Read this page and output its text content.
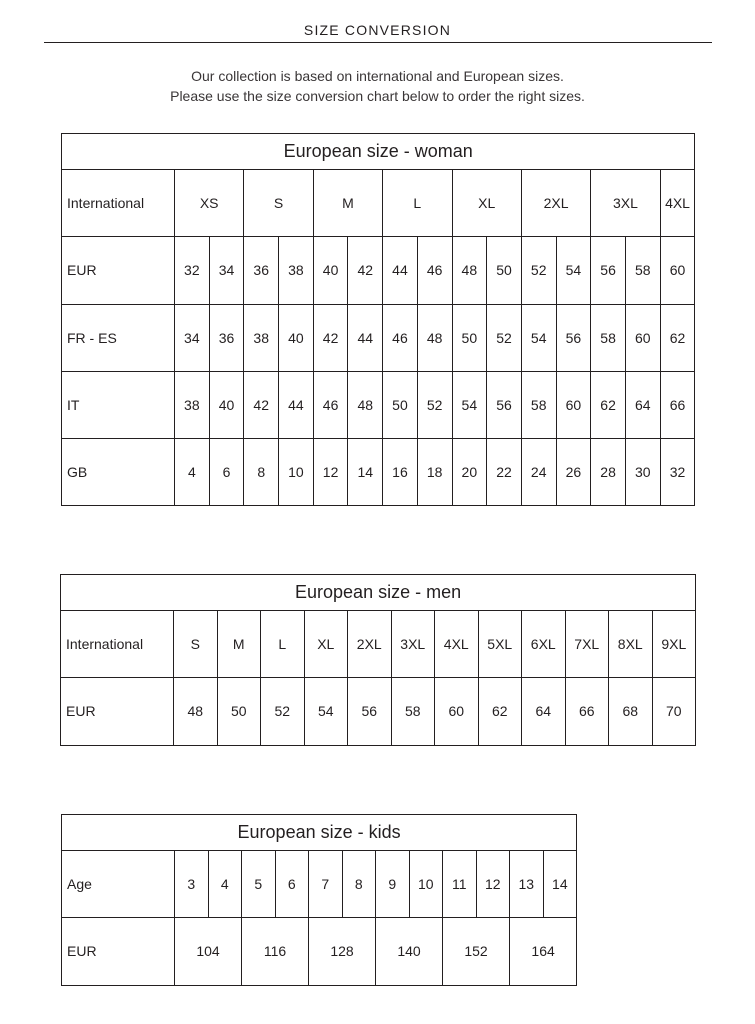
SIZE CONVERSION
Our collection is based on international and European sizes.
Please use the size conversion chart below to order the right sizes.
European size - woman															
International	XS		S		M		L		XL		2XL		3XL		4XL
EUR	32	34	36	38	40	42	44	46	48	50	52	54	56	58	60
FR - ES	34	36	38	40	42	44	46	48	50	52	54	56	58	60	62
IT	38	40	42	44	46	48	50	52	54	56	58	60	62	64	66
GB	4	6	8	10	12	14	16	18	20	22	24	26	28	30	32
European size - men												
International	S	M	L	XL	2XL	3XL	4XL	5XL	6XL	7XL	8XL	9XL
EUR	48	50	52	54	56	58	60	62	64	66	68	70
European size - kids												
Age	3	4	5	6	7	8	9	10	11	12	13	14
EUR	104		116		128		140		152		164	
